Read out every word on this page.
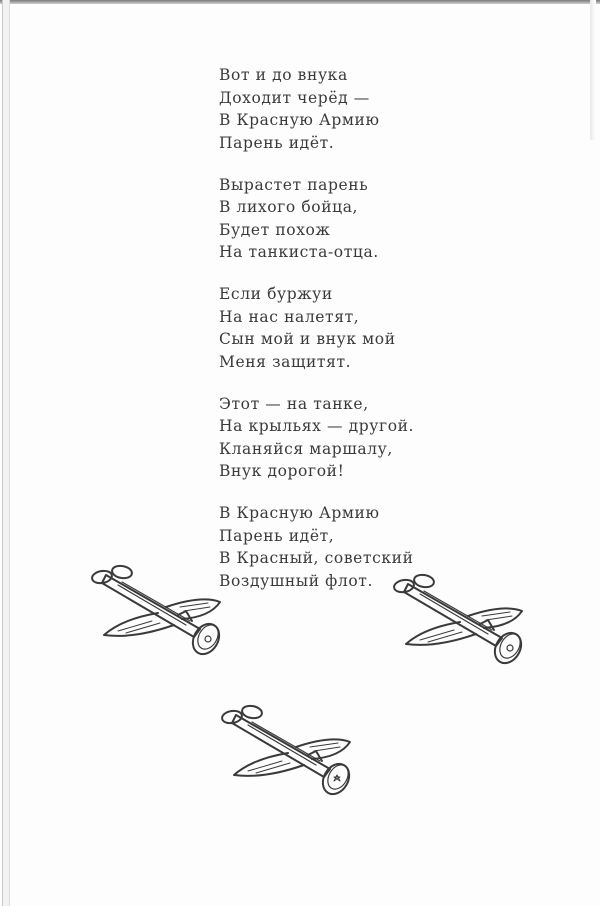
Вот и до внука
Доходит черёд —
В Красную Армию
Парень идёт.
Вырастет парень
В лихого бойца,
Будет похож
На танкиста-отца.
Если буржуи
На нас налетят,
Сын мой и внук мой
Меня защитят.
Этот — на танке,
На крыльях — другой.
Кланяйся маршалу,
Внук дорогой!
В Красную Армию
Парень идёт,
В Красный, советский
Воздушный флот.
